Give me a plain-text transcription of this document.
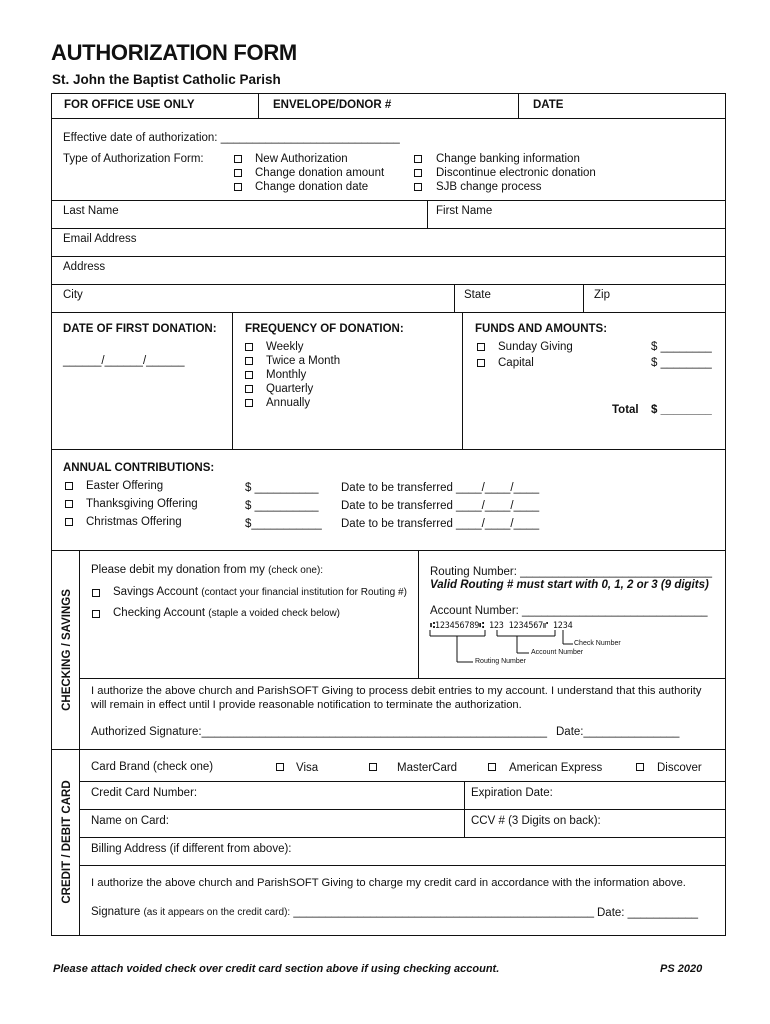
AUTHORIZATION FORM
St. John the Baptist Catholic Parish
FOR OFFICE USE ONLY	ENVELOPE/DONOR #	DATE
Effective date of authorization: ____________________________
Type of Authorization Form:	New Authorization
Change donation amount
Change donation date
Change banking information
Discontinue electronic donation
SJB change process
Last Name	First Name
Email Address
Address
City	State	Zip
DATE OF FIRST DONATION:
______/______/______
FREQUENCY OF DONATION:
Weekly
Twice a Month
Monthly
Quarterly
Annually
FUNDS AND AMOUNTS:
Sunday Giving	$ ________
Capital	$ ________
Total $ ________
ANNUAL CONTRIBUTIONS:
Easter Offering	$ __________ Date to be transferred ____/____/____
Thanksgiving Offering	$ __________ Date to be transferred ____/____/____
Christmas Offering	$___________ Date to be transferred ____/____/____
CHECKING / SAVINGS
Please debit my donation from my (check one):
Savings Account (contact your financial institution for Routing #)
Checking Account (staple a voided check below)
Routing Number: ______________________________
Valid Routing # must start with 0, 1, 2 or 3 (9 digits)
Account Number: _____________________________
⑆123456789⑆ 123 1234567⑈ 1234
Check Number
Account Number
Routing Number
I authorize the above church and ParishSOFT Giving to process debit entries to my account. I understand that this authority
will remain in effect until I provide reasonable notification to terminate the authorization.
Authorized Signature:______________________________________________________ Date:_______________
CREDIT / DEBIT CARD
Card Brand (check one)	Visa	MasterCard	American Express	Discover
Credit Card Number:	Expiration Date:
Name on Card:	CCV # (3 Digits on back):
Billing Address (if different from above):
I authorize the above church and ParishSOFT Giving to charge my credit card in accordance with the information above.
Signature (as it appears on the credit card): _______________________________________________ Date: ___________
Please attach voided check over credit card section above if using checking account.	PS 2020
